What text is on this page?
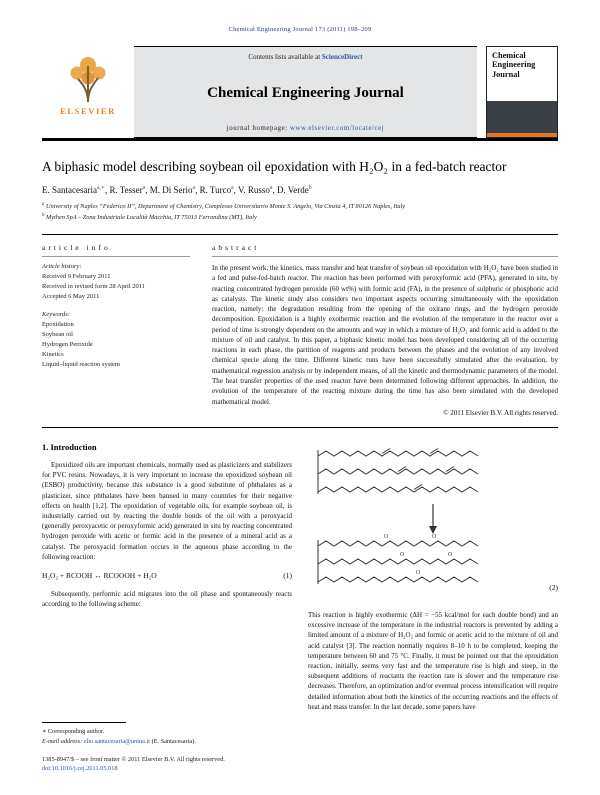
Chemical Engineering Journal 173 (2011) 198–209
ELSEVIER
Contents lists available at ScienceDirect
Chemical Engineering Journal
journal homepage: www.elsevier.com/locate/cej
Chemical
Engineering
Journal
A biphasic model describing soybean oil epoxidation with H₂O₂ in a fed-batch reactor
E. Santacesaria$^{a,∗}$, R. Tesser$^a$, M. Di Serio$^a$, R. Turco$^a$, V. Russo$^a$, D. Verde$^b$
$^a$ University of Naples “Federico II”, Department of Chemistry, Complesso Universitario Monte S. Angelo, Via Cinzia 4, IT 80126 Naples, Italy
$^b$ Mythen SpA – Zona Industriale Località Macchia, IT 75013 Ferrandina (MT), Italy
article info
Article history:
Received 9 February 2011
Received in revised form 28 April 2011
Accepted 6 May 2011
Keywords:
Epoxidation
Soybean oil
Hydrogen Peroxide
Kinetics
Liquid–liquid reaction system
abstract
In the present work, the kinetics, mass transfer and heat transfer of soybean oil epoxidation with H₂O₂ have been studied in a fed and pulse-fed-batch reactor. The reaction has been performed with peroxyformic acid (PFA), generated in situ, by reacting concentrated hydrogen peroxide (60 wt%) with formic acid (FA), in the presence of sulphuric or phosphoric acid as catalysts. The kinetic study also considers two important aspects occurring simultaneously with the epoxidation reaction, namely: the degradation resulting from the opening of the oxirane rings, and the hydrogen peroxide decomposition. Epoxidation is a highly exothermic reaction and the evolution of the temperature in the reactor over a period of time is strongly dependent on the amounts and way in which a mixture of H₂O₂ and formic acid is added to the mixture of oil and catalyst. In this paper, a biphasic kinetic model has been developed considering all of the occurring reactions in each phase, the partition of reagents and products between the phases and the evolution of any involved chemical specie along the time. Different kinetic runs have been successfully simulated after the evaluation, by mathematical regression analysis or by independent means, of all the kinetic and thermodynamic parameters of the model. The heat transfer properties of the used reactor have been determined following different approaches. In addition, the evolution of the temperature of the reacting mixture during the time has also been simulated with the developed mathematical model.
© 2011 Elsevier B.V. All rights reserved.
1. Introduction

Epoxidized oils are important chemicals, normally used as plasticizers and stabilizers for PVC resins. Nowadays, it is very important to increase the epoxidized soybean oil (ESBO) productivity, because this substance is a good substitute of phthalates as a plasticizer, since phthalates have been banned in many countries for their negative effects on health [1,2]. The epoxidation of vegetable oils, for example soybean oil, is industrially carried out by reacting the double bonds of the oil with a peroxyacid (generally peroxyacetic or peroxyformic acid) generated in situ by reacting concentrated hydrogen peroxide with acetic or formic acid in the presence of a mineral acid as a catalyst. The peroxyacid formation occurs in the aqueous phase according to the following reaction:

H₂O₂ + RCOOH ↔ RCOOOH + H₂O	(1)

Subsequently, performic acid migrates into the oil phase and spontaneously reacts according to the following scheme:

∗ Corresponding author.
E-mail address: elio.santacesaria@unina.it (E. Santacesaria).
1385-8947/$ – see front matter © 2011 Elsevier B.V. All rights reserved.
doi:10.1016/j.cej.2011.05.018
O	O
O	O
O
(2)

This reaction is highly exothermic (ΔH = −55 kcal/mol for each double bond) and an excessive increase of the temperature in the industrial reactors is prevented by adding a limited amount of a mixture of H₂O₂ and formic or acetic acid to the mixture of oil and acid catalyst [3]. The reaction normally requires 8–10 h to be completed, keeping the temperature between 60 and 75 °C. Finally, it must be pointed out that the epoxidation reaction, initially, seems very fast and the temperature rise is high and steep, in the subsequent additions of reactants the reaction rate is slower and the temperature rise decreases. Therefore, an optimization and/or eventual process intensification will require detailed information about both the kinetics of the occurring reactions and the effects of heat and mass transfer. In the last decade, some papers have
